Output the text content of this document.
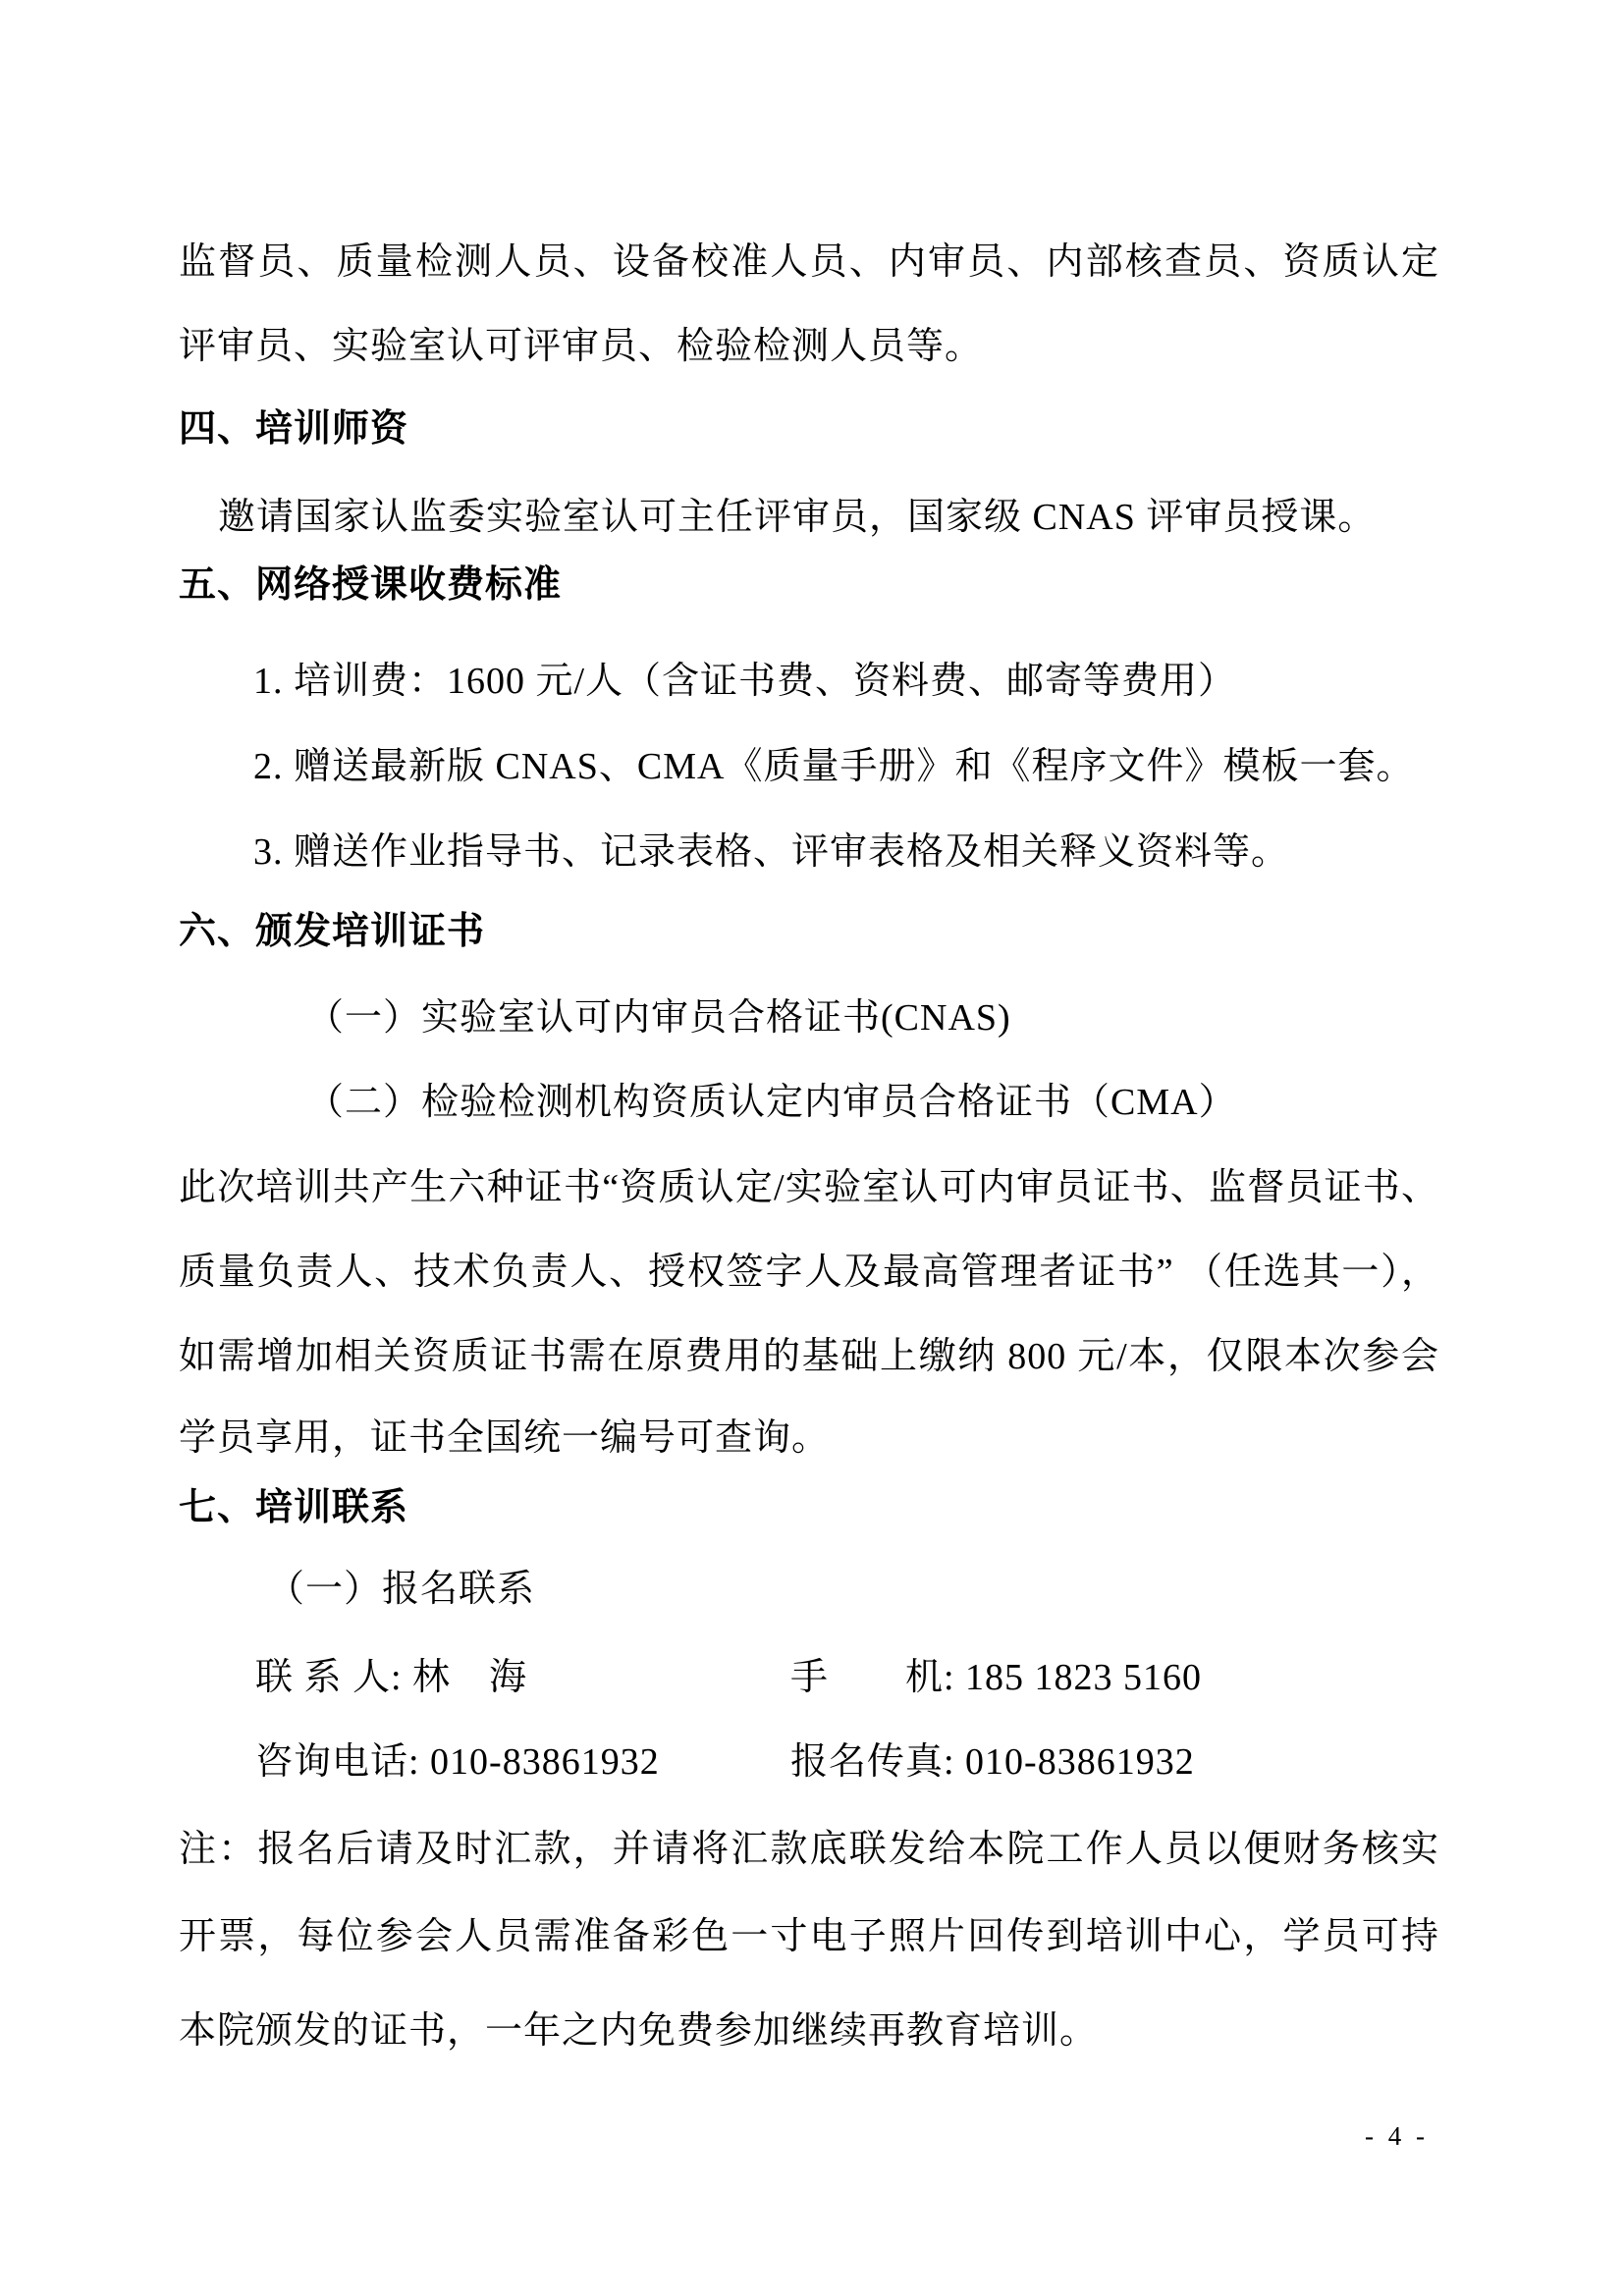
监督员、质量检测人员、设备校准人员、内审员、内部核查员、资质认定
评审员、实验室认可评审员、检验检测人员等。
四、培训师资
邀请国家认监委实验室认可主任评审员，国家级 CNAS 评审员授课。
五、网络授课收费标准
1. 培训费：1600 元/人（含证书费、资料费、邮寄等费用）
2. 赠送最新版 CNAS、CMA《质量手册》和《程序文件》模板一套。
3. 赠送作业指导书、记录表格、评审表格及相关释义资料等。
六、颁发培训证书
（一）实验室认可内审员合格证书(CNAS)
（二）检验检测机构资质认定内审员合格证书（CMA）
此次培训共产生六种证书“资质认定/实验室认可内审员证书、监督员证书、
质量负责人、技术负责人、授权签字人及最高管理者证书” （任选其一），
如需增加相关资质证书需在原费用的基础上缴纳 800 元/本，仅限本次参会
学员享用，证书全国统一编号可查询。
七、培训联系
（一）报名联系
联 系 人: 林　海	手　　机: 185 1823 5160
咨询电话: 010-83861932	报名传真: 010-83861932
注：报名后请及时汇款，并请将汇款底联发给本院工作人员以便财务核实
开票，每位参会人员需准备彩色一寸电子照片回传到培训中心，学员可持
本院颁发的证书，一年之内免费参加继续再教育培训。
- 4 -
